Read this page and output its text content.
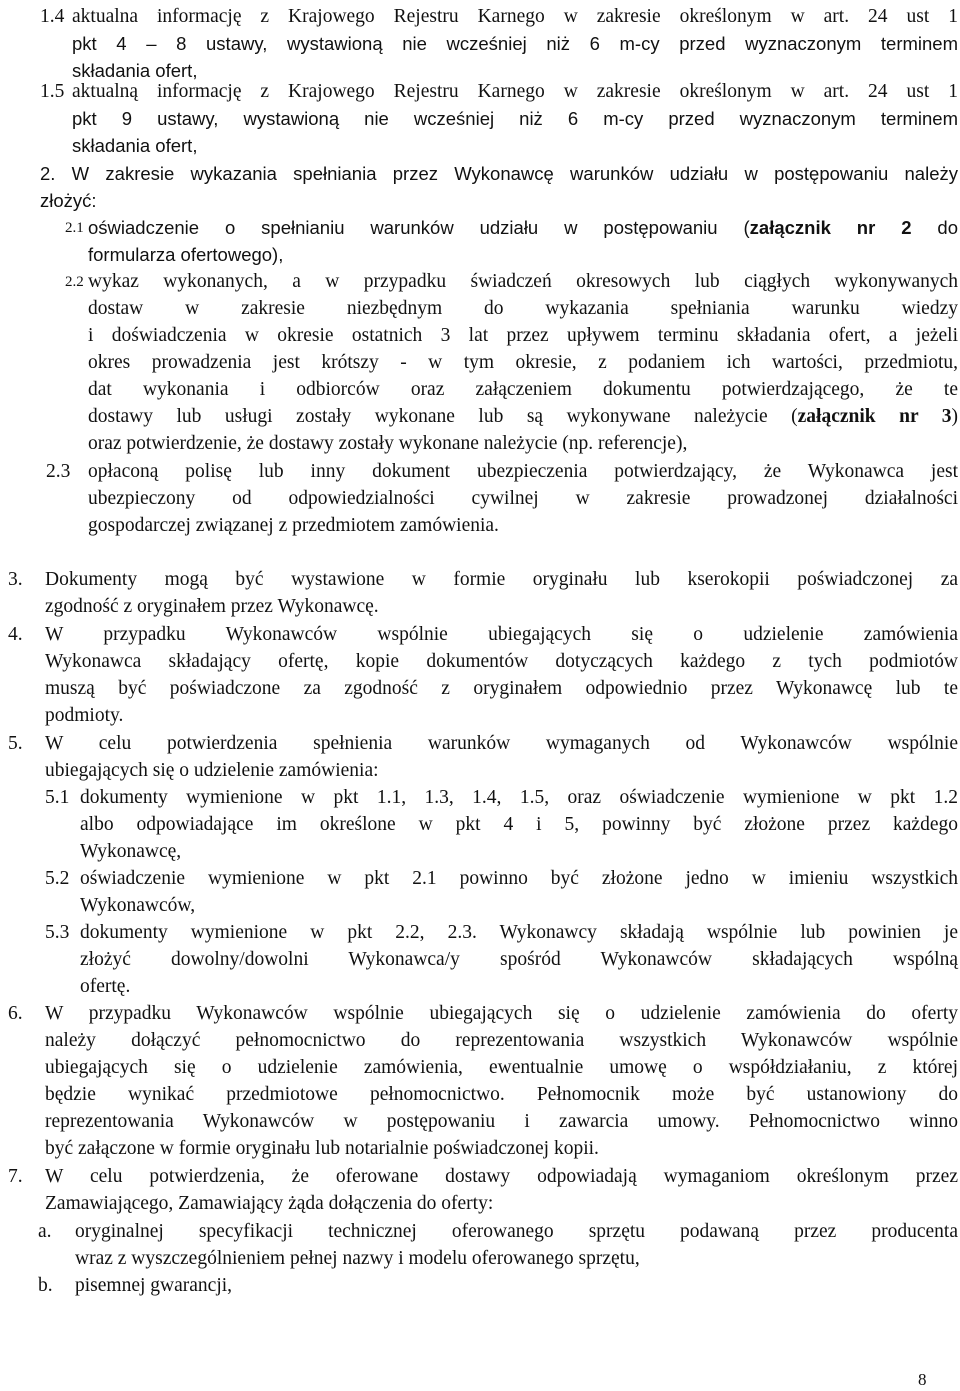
1.4 aktualna informację z Krajowego Rejestru Karnego w zakresie określonym w art. 24 ust 1
pkt 4 – 8 ustawy, wystawioną nie wcześniej niż 6 m-cy przed wyznaczonym terminem
składania ofert,
1.5 aktualną informację z Krajowego Rejestru Karnego w zakresie określonym w art. 24 ust 1
pkt 9 ustawy, wystawioną nie wcześniej niż 6 m-cy przed wyznaczonym terminem
składania ofert,
2. W zakresie wykazania spełniania przez Wykonawcę warunków udziału w postępowaniu należy
złożyć:
2.1 oświadczenie o spełnianiu warunków udziału w postępowaniu (załącznik nr 2 do
formularza ofertowego),
2.2 wykaz wykonanych, a w przypadku świadczeń okresowych lub ciągłych wykonywanych
dostaw w zakresie niezbędnym do wykazania spełniania warunku wiedzy
i doświadczenia w okresie ostatnich 3 lat przez upływem terminu składania ofert, a jeżeli
okres prowadzenia jest krótszy - w tym okresie, z podaniem ich wartości, przedmiotu,
dat wykonania i odbiorców oraz załączeniem dokumentu potwierdzającego, że te
dostawy lub usługi zostały wykonane lub są wykonywane należycie (załącznik nr 3)
oraz potwierdzenie, że dostawy zostały wykonane należycie (np. referencje),
2.3 opłaconą polisę lub inny dokument ubezpieczenia potwierdzający, że Wykonawca jest
ubezpieczony od odpowiedzialności cywilnej w zakresie prowadzonej działalności
gospodarczej związanej z przedmiotem zamówienia.
3. Dokumenty mogą być wystawione w formie oryginału lub kserokopii poświadczonej za
zgodność z oryginałem przez Wykonawcę.
4. W przypadku Wykonawców wspólnie ubiegających się o udzielenie zamówienia
Wykonawca składający ofertę, kopie dokumentów dotyczących każdego z tych podmiotów
muszą być poświadczone za zgodność z oryginałem odpowiednio przez Wykonawcę lub te
podmioty.
5. W celu potwierdzenia spełnienia warunków wymaganych od Wykonawców wspólnie
ubiegających się o udzielenie zamówienia:
5.1 dokumenty wymienione w pkt 1.1, 1.3, 1.4, 1.5, oraz oświadczenie wymienione w pkt 1.2
albo odpowiadające im określone w pkt 4 i 5, powinny być złożone przez każdego
Wykonawcę,
5.2 oświadczenie wymienione w pkt 2.1 powinno być złożone jedno w imieniu wszystkich
Wykonawców,
5.3 dokumenty wymienione w pkt 2.2, 2.3. Wykonawcy składają wspólnie lub powinien je
złożyć dowolny/dowolni Wykonawca/y spośród Wykonawców składających wspólną
ofertę.
6. W przypadku Wykonawców wspólnie ubiegających się o udzielenie zamówienia do oferty
należy dołączyć pełnomocnictwo do reprezentowania wszystkich Wykonawców wspólnie
ubiegających się o udzielenie zamówienia, ewentualnie umowę o współdziałaniu, z której
będzie wynikać przedmiotowe pełnomocnictwo. Pełnomocnik może być ustanowiony do
reprezentowania Wykonawców w postępowaniu i zawarcia umowy. Pełnomocnictwo winno
być załączone w formie oryginału lub notarialnie poświadczonej kopii.
7. W celu potwierdzenia, że oferowane dostawy odpowiadają wymaganiom określonym przez
Zamawiającego, Zamawiający żąda dołączenia do oferty:
a. oryginalnej specyfikacji technicznej oferowanego sprzętu podawaną przez producenta
wraz z wyszczególnieniem pełnej nazwy i modelu oferowanego sprzętu,
b. pisemnej gwarancji,
8
